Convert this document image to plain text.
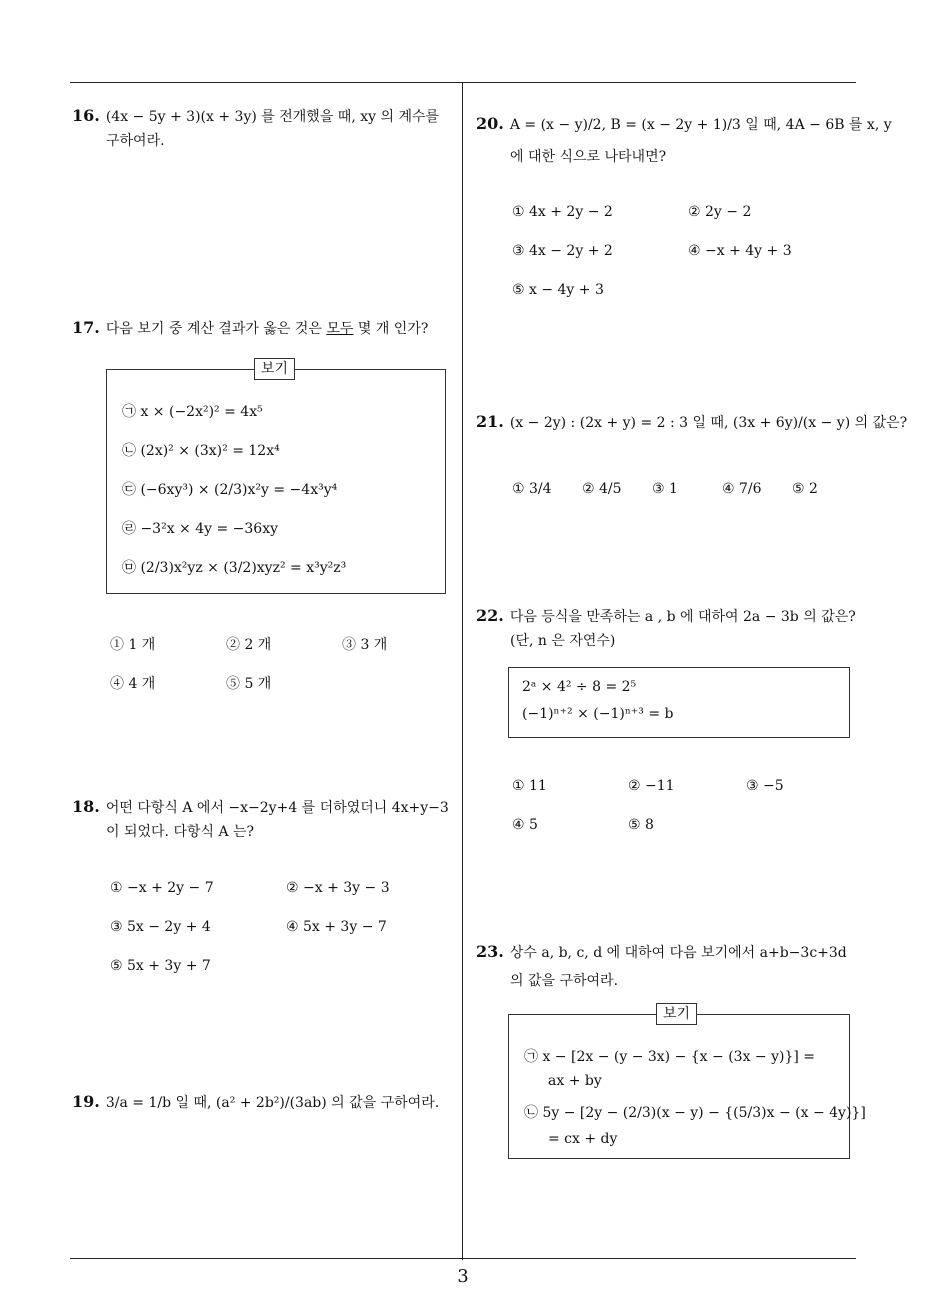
16. (4x − 5y + 3)(x + 3y) 를 전개했을 때, xy 의 계수를
구하여라.
17. 다음 보기 중 계산 결과가 옳은 것은 모두 몇 개 인가?
보기
㉠ x × (−2x²)² = 4x⁵
㉡ (2x)² × (3x)² = 12x⁴
㉢ (−6xy³) × (2/3)x²y = −4x³y⁴
㉣ −3²x × 4y = −36xy
㉤ (2/3)x²yz × (3/2)xyz² = x³y²z³
① 1 개	② 2 개	③ 3 개
④ 4 개	⑤ 5 개
18. 어떤 다항식 A 에서 −x−2y+4 를 더하였더니 4x+y−3
이 되었다. 다항식 A 는?
① −x + 2y − 7	② −x + 3y − 3
③ 5x − 2y + 4	④ 5x + 3y − 7
⑤ 5x + 3y + 7
19. 3/a = 1/b 일 때, (a² + 2b²)/(3ab) 의 값을 구하여라.
20. A = (x − y)/2, B = (x − 2y + 1)/3 일 때, 4A − 6B 를 x, y
에 대한 식으로 나타내면?
① 4x + 2y − 2	② 2y − 2
③ 4x − 2y + 2	④ −x + 4y + 3
⑤ x − 4y + 3
21. (x − 2y) : (2x + y) = 2 : 3 일 때, (3x + 6y)/(x − y) 의 값은?
① 3/4 ② 4/5 ③ 1	④ 7/6 ⑤ 2
22. 다음 등식을 만족하는 a , b 에 대하여 2a − 3b 의 값은?
(단, n 은 자연수)
2ᵃ × 4² ÷ 8 = 2⁵
(−1)ⁿ⁺² × (−1)ⁿ⁺³ = b
① 11	② −11	③ −5
④ 5	⑤ 8
23. 상수 a, b, c, d 에 대하여 다음 보기에서 a+b−3c+3d
의 값을 구하여라.
보기
㉠ x − [2x − (y − 3x) − {x − (3x − y)}] =
ax + by
㉡ 5y − [2y − (2/3)(x − y) − {(5/3)x − (x − 4y)}]
= cx + dy
3
